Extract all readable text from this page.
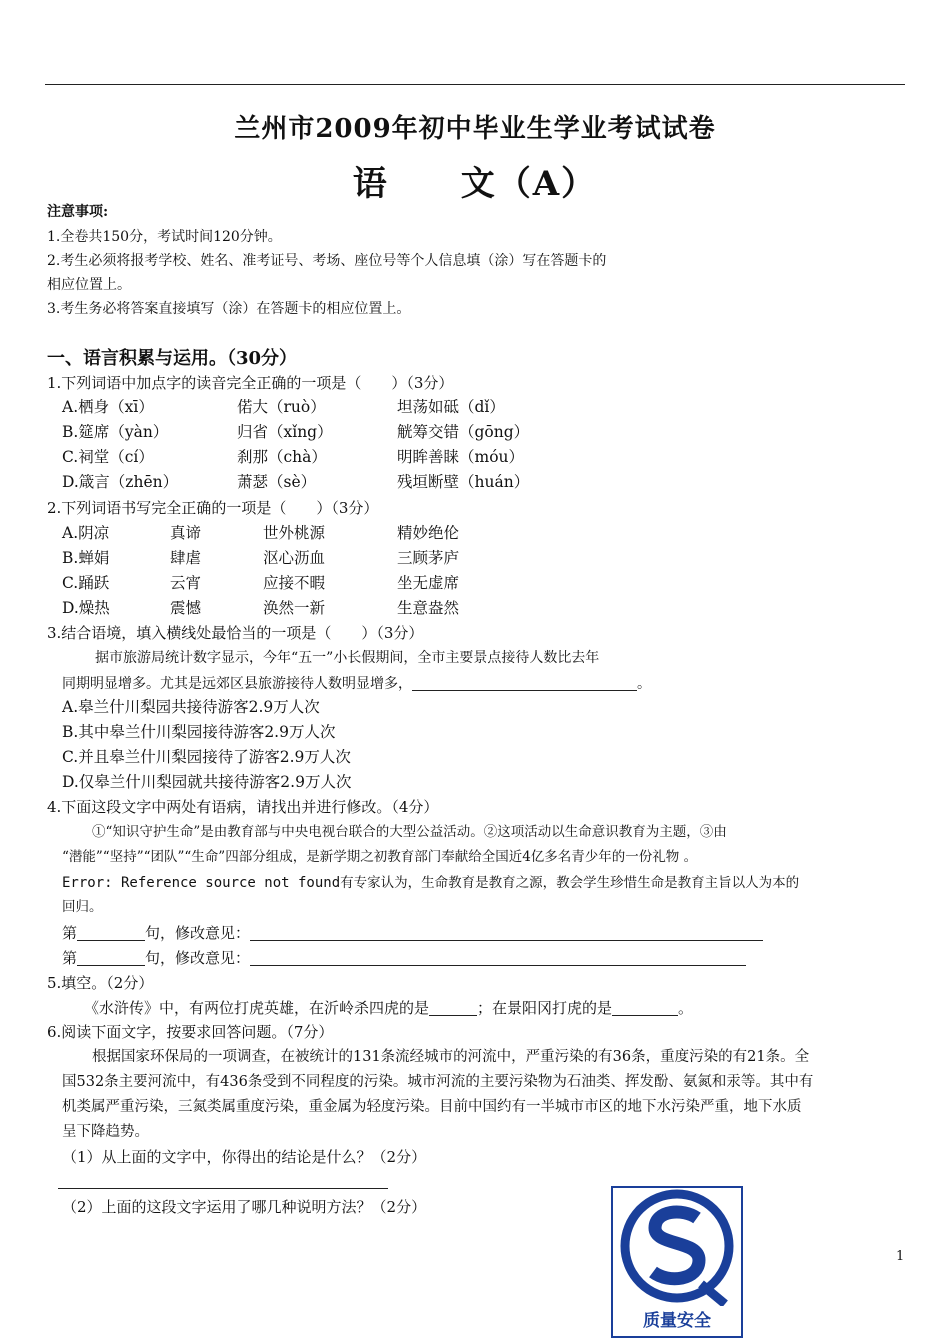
兰州市2009年初中毕业生学业考试试卷
语　　文（A）
注意事项:
1.全卷共150分，考试时间120分钟。
2.考生必须将报考学校、姓名、准考证号、考场、座位号等个人信息填（涂）写在答题卡的
相应位置上。
3.考生务必将答案直接填写（涂）在答题卡的相应位置上。
一、语言积累与运用。（30分）
1.下列词语中加点字的读音完全正确的一项是（　　）（3分）
A.栖身（xī）	偌大（ruò）	坦荡如砥（dǐ）
B.筵席（yàn）	归省（xǐng）	觥筹交错（gōng）
C.祠堂（cí）	刹那（chà）	明眸善睐（móu）
D.箴言（zhēn）	萧瑟（sè）	残垣断壁（huán）
2.下列词语书写完全正确的一项是（　　）（3分）
A.阴凉	真谛	世外桃源	精妙绝伦
B.蝉娟	肆虐	沤心沥血	三顾茅庐
C.踊跃	云宵	应接不暇	坐无虚席
D.燥热	震憾	涣然一新	生意盎然
3.结合语境，填入横线处最恰当的一项是（　　）（3分）
据市旅游局统计数字显示，今年“五一”小长假期间，全市主要景点接待人数比去年
同期明显增多。尤其是远郊区县旅游接待人数明显增多，	。
A.皋兰什川梨园共接待游客2.9万人次
B.其中皋兰什川梨园接待游客2.9万人次
C.并且皋兰什川梨园接待了游客2.9万人次
D.仅皋兰什川梨园就共接待游客2.9万人次
4.下面这段文字中两处有语病，请找出并进行修改。（4分）
①“知识守护生命”是由教育部与中央电视台联合的大型公益活动。②这项活动以生命意识教育为主题，③由
“潜能”“坚持”“团队”“生命”四部分组成，是新学期之初教育部门奉献给全国近4亿多名青少年的一份礼物 。
Error: Reference source not found有专家认为，生命教育是教育之源，教会学生珍惜生命是教育主旨以人为本的
回归。
第	句，修改意见：
第	句，修改意见：
5.填空。（2分）
《水浒传》中，有两位打虎英雄，在沂岭杀四虎的是	；在景阳冈打虎的是	。
6.阅读下面文字，按要求回答问题。（7分）
根据国家环保局的一项调查，在被统计的131条流经城市的河流中，严重污染的有36条，重度污染的有21条。全
国532条主要河流中，有436条受到不同程度的污染。城市河流的主要污染物为石油类、挥发酚、氨氮和汞等。其中有
机类属严重污染，三氮类属重度污染，重金属为轻度污染。目前中国约有一半城市市区的地下水污染严重，地下水质
呈下降趋势。
（1）从上面的文字中，你得出的结论是什么？（2分）
（2）上面的这段文字运用了哪几种说明方法？（2分）
质量安全
1
